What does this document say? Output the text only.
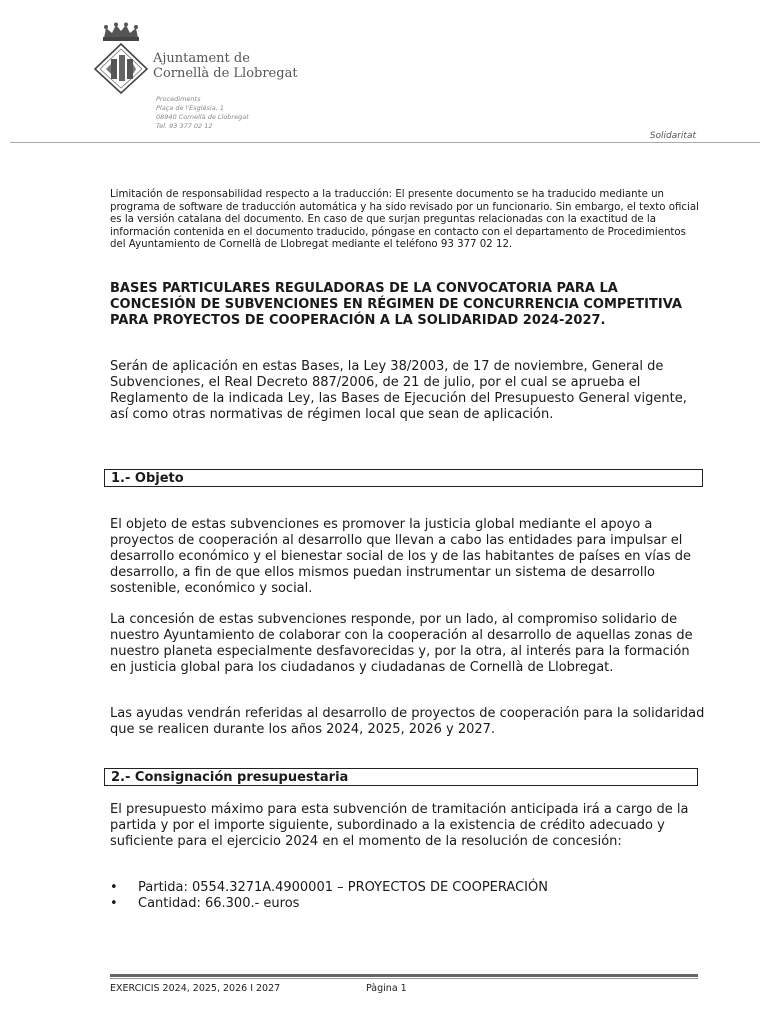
Ajuntament de
Cornellà de Llobregat
Procediments
Plaça de l'Església, 1
08940 Cornellà de Llobregat
Tel. 93 377 02 12
Solidaritat

Limitación de responsabilidad respecto a la traducción: El presente documento se ha traducido mediante un programa de software de traducción automática y ha sido revisado por un funcionario. Sin embargo, el texto oficial es la versión catalana del documento. En caso de que surjan preguntas relacionadas con la exactitud de la información contenida en el documento traducido, póngase en contacto con el departamento de Procedimientos del Ayuntamiento de Cornellà de Llobregat mediante el teléfono 93 377 02 12.

BASES PARTICULARES REGULADORAS DE LA CONVOCATORIA PARA LA CONCESIÓN DE SUBVENCIONES EN RÉGIMEN DE CONCURRENCIA COMPETITIVA PARA PROYECTOS DE COOPERACIÓN A LA SOLIDARIDAD 2024-2027.

Serán de aplicación en estas Bases, la Ley 38/2003, de 17 de noviembre, General de Subvenciones, el Real Decreto 887/2006, de 21 de julio, por el cual se aprueba el Reglamento de la indicada Ley, las Bases de Ejecución del Presupuesto General vigente, así como otras normativas de régimen local que sean de aplicación.

1.- Objeto

El objeto de estas subvenciones es promover la justicia global mediante el apoyo a proyectos de cooperación al desarrollo que llevan a cabo las entidades para impulsar el desarrollo económico y el bienestar social de los y de las habitantes de países en vías de desarrollo, a fin de que ellos mismos puedan instrumentar un sistema de desarrollo sostenible, económico y social.

La concesión de estas subvenciones responde, por un lado, al compromiso solidario de nuestro Ayuntamiento de colaborar con la cooperación al desarrollo de aquellas zonas de nuestro planeta especialmente desfavorecidas y, por la otra, al interés para la formación en justicia global para los ciudadanos y ciudadanas de Cornellà de Llobregat.

Las ayudas vendrán referidas al desarrollo de proyectos de cooperación para la solidaridad que se realicen durante los años 2024, 2025, 2026 y 2027.

2.- Consignación presupuestaria

El presupuesto máximo para esta subvención de tramitación anticipada irá a cargo de la partida y por el importe siguiente, subordinado a la existencia de crédito adecuado y suficiente para el ejercicio 2024 en el momento de la resolución de concesión:

• Partida: 0554.3271A.4900001 – PROYECTOS DE COOPERACIÓN
• Cantidad: 66.300.- euros
EXERCICIS 2024, 2025, 2026 I 2027	Pàgina 1
